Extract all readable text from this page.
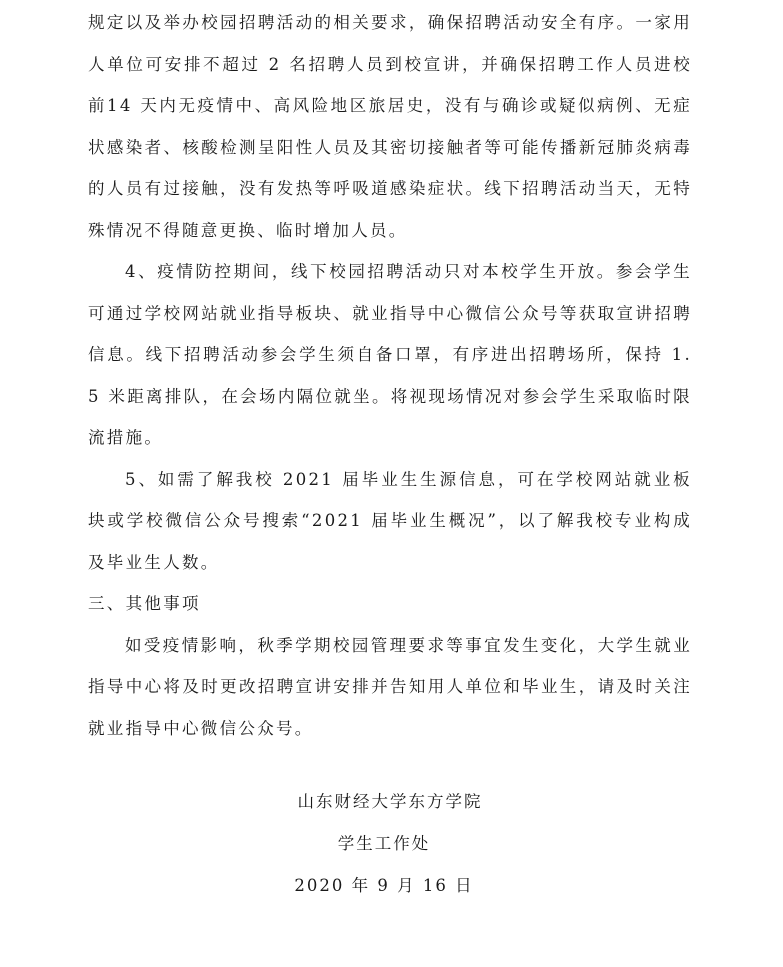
规定以及举办校园招聘活动的相关要求，确保招聘活动安全有序。一家用人单位可安排不超过 2 名招聘人员到校宣讲，并确保招聘工作人员进校前14 天内无疫情中、高风险地区旅居史，没有与确诊或疑似病例、无症状感染者、核酸检测呈阳性人员及其密切接触者等可能传播新冠肺炎病毒的人员有过接触，没有发热等呼吸道感染症状。线下招聘活动当天，无特殊情况不得随意更换、临时增加人员。

4、疫情防控期间，线下校园招聘活动只对本校学生开放。参会学生可通过学校网站就业指导板块、就业指导中心微信公众号等获取宣讲招聘信息。线下招聘活动参会学生须自备口罩，有序进出招聘场所，保持 1.5 米距离排队，在会场内隔位就坐。将视现场情况对参会学生采取临时限流措施。

5、如需了解我校 2021 届毕业生生源信息，可在学校网站就业板块或学校微信公众号搜索“2021 届毕业生概况”，以了解我校专业构成及毕业生人数。

三、其他事项

如受疫情影响，秋季学期校园管理要求等事宜发生变化，大学生就业指导中心将及时更改招聘宣讲安排并告知用人单位和毕业生，请及时关注就业指导中心微信公众号。

山东财经大学东方学院

学生工作处

2020 年 9 月 16 日
